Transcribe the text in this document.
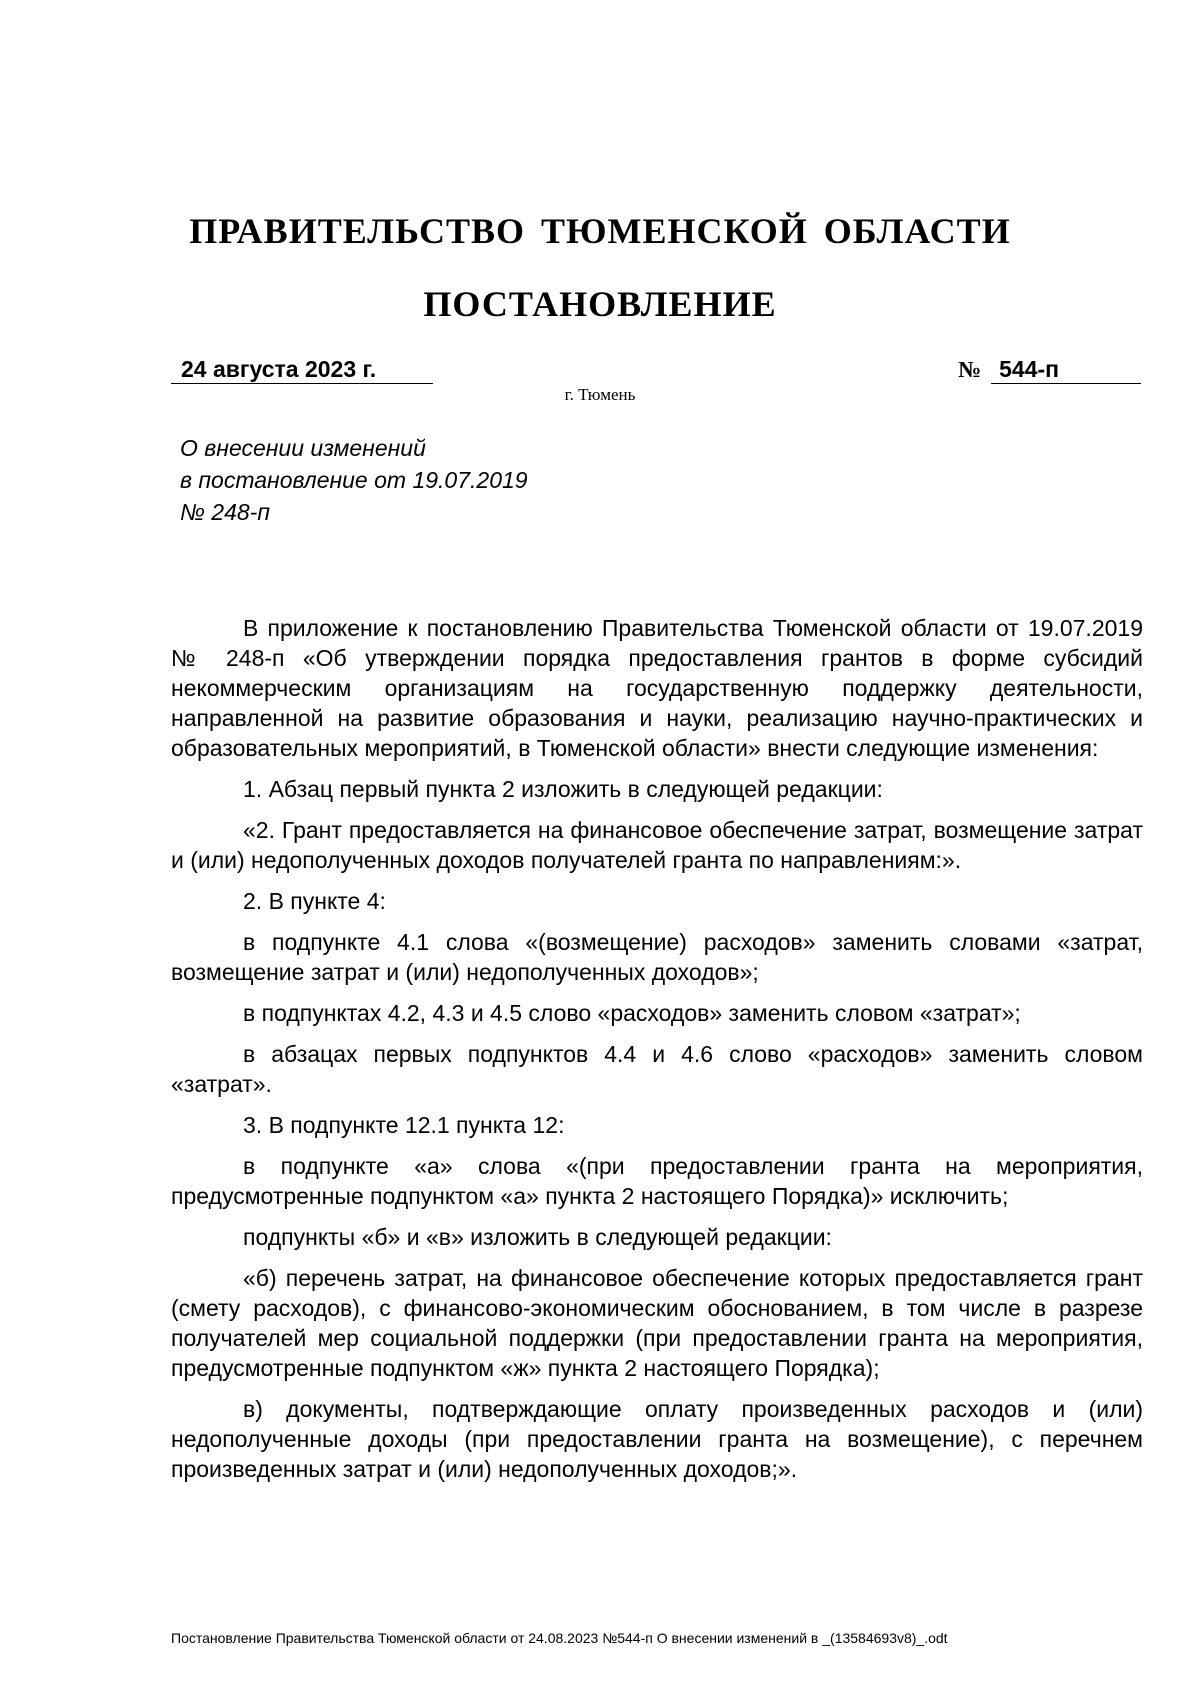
ПРАВИТЕЛЬСТВО ТЮМЕНСКОЙ ОБЛАСТИ
ПОСТАНОВЛЕНИЕ
24 августа 2023 г.	№ 544-п
г. Тюмень
О внесении изменений
в постановление от 19.07.2019
№ 248-п

В приложение к постановлению Правительства Тюменской области от 19.07.2019 № 248-п «Об утверждении порядка предоставления грантов в форме субсидий некоммерческим организациям на государственную поддержку деятельности, направленной на развитие образования и науки, реализацию научно-практических и образовательных мероприятий, в Тюменской области» внести следующие изменения:

1. Абзац первый пункта 2 изложить в следующей редакции:

«2. Грант предоставляется на финансовое обеспечение затрат, возмещение затрат и (или) недополученных доходов получателей гранта по направлениям:».

2. В пункте 4:

в подпункте 4.1 слова «(возмещение) расходов» заменить словами «затрат, возмещение затрат и (или) недополученных доходов»;

в подпунктах 4.2, 4.3 и 4.5 слово «расходов» заменить словом «затрат»;

в абзацах первых подпунктов 4.4 и 4.6 слово «расходов» заменить словом «затрат».

3. В подпункте 12.1 пункта 12:

в подпункте «а» слова «(при предоставлении гранта на мероприятия, предусмотренные подпунктом «а» пункта 2 настоящего Порядка)» исключить;

подпункты «б» и «в» изложить в следующей редакции:

«б) перечень затрат, на финансовое обеспечение которых предоставляется грант (смету расходов), с финансово-экономическим обоснованием, в том числе в разрезе получателей мер социальной поддержки (при предоставлении гранта на мероприятия, предусмотренные подпунктом «ж» пункта 2 настоящего Порядка);

в) документы, подтверждающие оплату произведенных расходов и (или) недополученные доходы (при предоставлении гранта на возмещение), с перечнем произведенных затрат и (или) недополученных доходов;».

Постановление Правительства Тюменской области от 24.08.2023 №544-п О внесении изменений в _(13584693v8)_.odt
